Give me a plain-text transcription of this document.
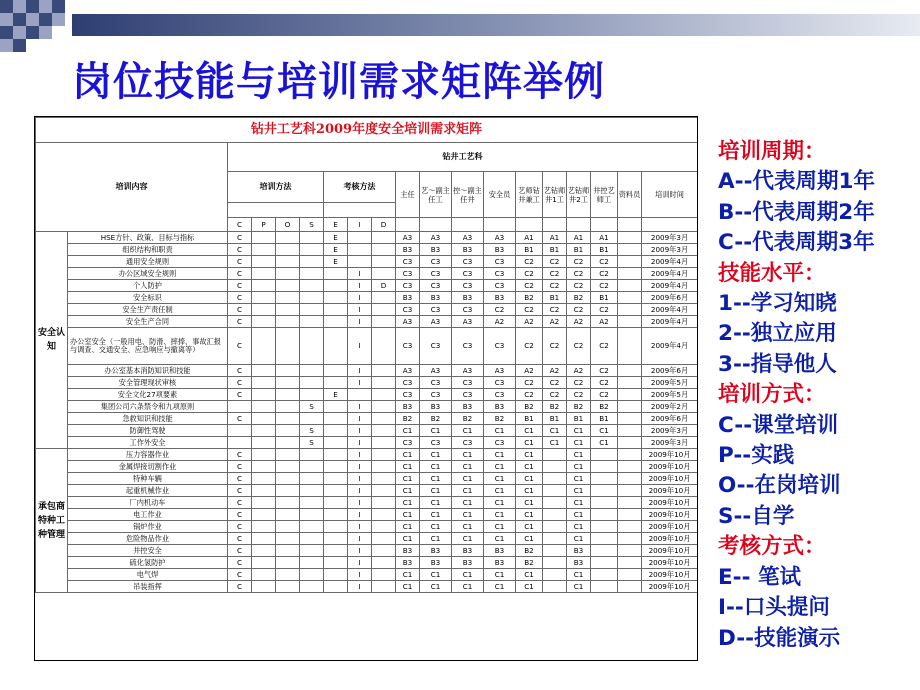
岗位技能与培训需求矩阵举例
钻井工艺科2009年度安全培训需求矩阵																		
培训内容		钻井工艺科																
		培训方法				考核方法			主任	艺〜副主任工	控〜副主任井	安全员	艺师钻井兼工	艺钻师井1工	艺钻师井2工	井控艺师工	资料员	培训时间

		C	P	O	S	E	I	D										
安全认知	HSE方针、政策、目标与指标	C				E			A3	A3	A3	A3	A1	A1	A1	A1		2009年3月
	组织结构和职责	C				E			B3	B3	B3	B3	B1	B1	B1	B1		2009年3月
	通用安全规则	C				E			C3	C3	C3	C3	C2	C2	C2	C2		2009年4月
	办公区域安全规则	C					I		C3	C3	C3	C3	C2	C2	C2	C2		2009年4月
	个人防护	C					I	D	C3	C3	C3	C3	C2	C2	C2	C2		2009年4月
	安全标识	C					I		B3	B3	B3	B3	B2	B1	B2	B1		2009年6月
	安全生产责任制	C					I		C3	C3	C3	C2	C2	C2	C2	C2		2009年4月
	安全生产合同	C					I		A3	A3	A3	A2	A2	A2	A2	A2		2009年4月
	办公室安全（一般用电、防滑、摔捧、事故汇报与调查、交通安全、应急响应与撤离等）	C					I		C3	C3	C3	C3	C2	C2	C2	C2		2009年4月
	办公室基本消防知识和技能	C					I		A3	A3	A3	A3	A2	A2	A2	C2		2009年6月
	安全管理现状审核	C					I		C3	C3	C3	C3	C2	C2	C2	C2		2009年5月
	安全文化27项要素	C				E			C3	C3	C3	C3	C2	C2	C2	C2		2009年5月
	集团公司六条禁令和九项原则				S		I		B3	B3	B3	B3	B2	B2	B2	B2		2009年2月
	急救知识和技能	C					I		B2	B2	B2	B2	B1	B1	B1	B1		2009年6月
	防御性驾驶				S		I		C1	C1	C1	C1	C1	C1	C1	C1		2009年3月
	工作外安全				S		I		C3	C3	C3	C3	C1	C1	C1	C1		2009年3月
承包商特种工种管理	压力容器作业	C					I		C1	C1	C1	C1	C1		C1			2009年10月
	金属焊接切割作业	C					I		C1	C1	C1	C1	C1		C1			2009年10月
	特种车辆	C					I		C1	C1	C1	C1	C1		C1			2009年10月
	起重机械作业	C					I		C1	C1	C1	C1	C1		C1			2009年10月
	厂内机动车	C					I		C1	C1	C1	C1	C1		C1			2009年10月
	电工作业	C					I		C1	C1	C1	C1	C1		C1			2009年10月
	锅炉作业	C					I		C1	C1	C1	C1	C1		C1			2009年10月
	危险物品作业	C					I		C1	C1	C1	C1	C1		C1			2009年10月
	井控安全	C					I		B3	B3	B3	B3	B2		B3			2009年10月
	硫化氢防护	C					I		B3	B3	B3	B3	B2		B3			2009年10月
	电气焊	C					I		C1	C1	C1	C1	C1		C1			2009年10月
	吊装指挥	C					I		C1	C1	C1	C1	C1		C1			2009年10月
培训周期：
A--代表周期1年
B--代表周期2年
C--代表周期3年
技能水平：
1--学习知晓
2--独立应用
3--指导他人
培训方式：
C--课堂培训
P--实践
O--在岗培训
S--自学
考核方式：
E-- 笔试
I--口头提问
D--技能演示
